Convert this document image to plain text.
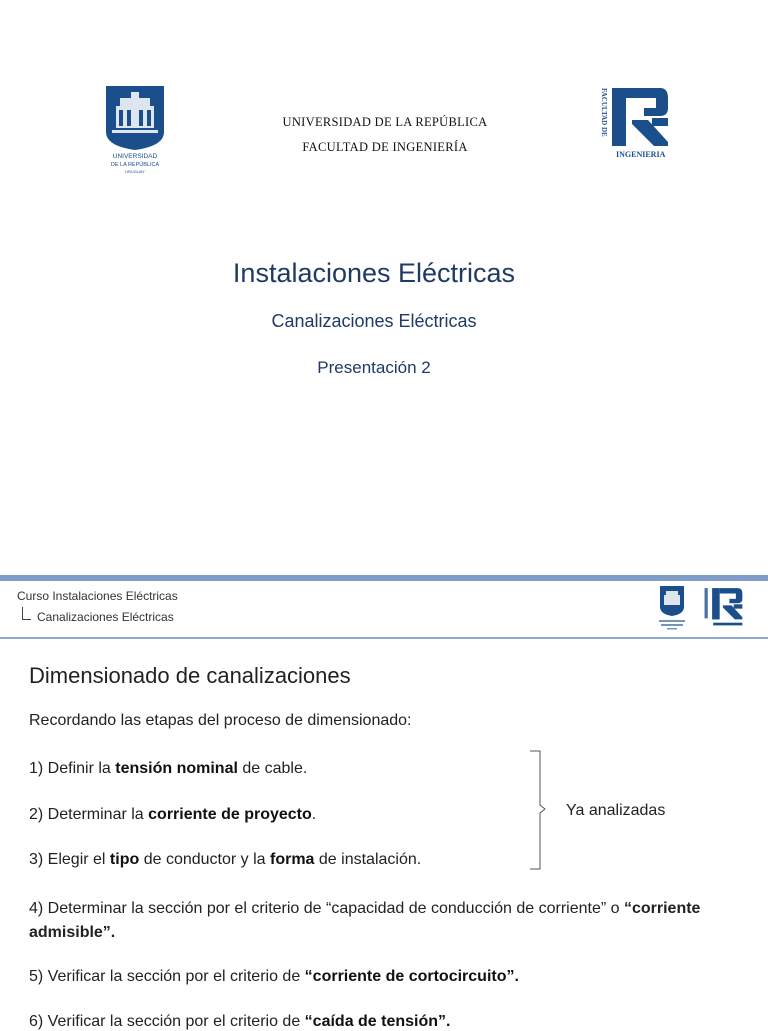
UNIVERSIDAD
DE LA REPÚBLICA
URUGUAY
UNIVERSIDAD DE LA REPÚBLICA
FACULTAD DE INGENIERÍA
FACULTAD DE
INGENIERIA
Instalaciones Eléctricas
Canalizaciones Eléctricas
Presentación 2
Curso Instalaciones Eléctricas
Canalizaciones Eléctricas
Dimensionado de canalizaciones
Recordando las etapas del proceso de dimensionado:
1) Definir la tensión nominal de cable.
2) Determinar la corriente de proyecto.
3) Elegir el tipo de conductor y la forma de instalación.
Ya analizadas
4) Determinar la sección por el criterio de “capacidad de conducción de corriente” o “corriente admisible”.
5) Verificar la sección por el criterio de “corriente de cortocircuito”.
6) Verificar la sección por el criterio de “caída de tensión”.
